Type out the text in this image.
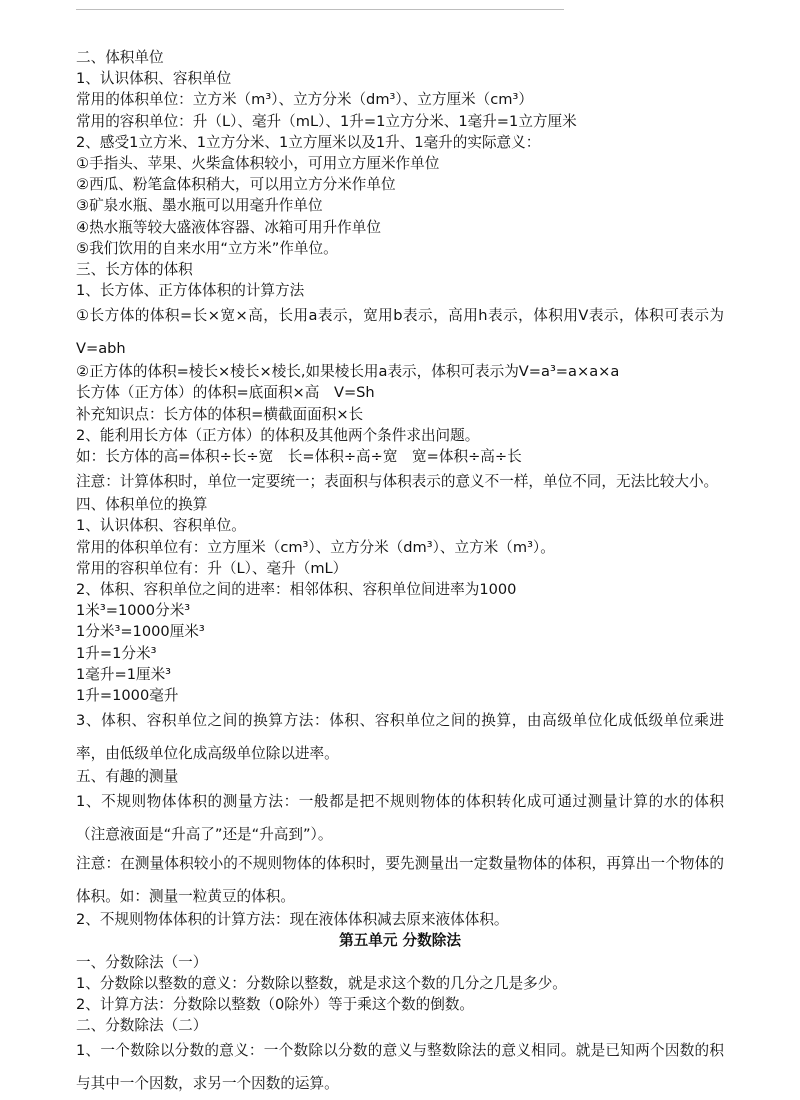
二、体积单位
1、认识体积、容积单位
常用的体积单位：立方米（m³）、立方分米（dm³）、立方厘米（cm³）
常用的容积单位：升（L）、毫升（mL）、1升=1立方分米、1毫升=1立方厘米
2、感受1立方米、1立方分米、1立方厘米以及1升、1毫升的实际意义：
①手指头、苹果、火柴盒体积较小，可用立方厘米作单位
②西瓜、粉笔盒体积稍大，可以用立方分米作单位
③矿泉水瓶、墨水瓶可以用毫升作单位
④热水瓶等较大盛液体容器、冰箱可用升作单位
⑤我们饮用的自来水用“立方米”作单位。
三、长方体的体积
1、长方体、正方体体积的计算方法
①长方体的体积=长×宽×高，长用a表示，宽用b表示，高用h表示，体积用V表示，体积可表示为V=abh
②正方体的体积=棱长×棱长×棱长,如果棱长用a表示，体积可表示为V=a³=a×a×a
长方体（正方体）的体积=底面积×高　V=Sh
补充知识点：长方体的体积=横截面面积×长
2、能利用长方体（正方体）的体积及其他两个条件求出问题。
如：长方体的高=体积÷长÷宽　长=体积÷高÷宽　宽=体积÷高÷长
注意：计算体积时，单位一定要统一；表面积与体积表示的意义不一样，单位不同，无法比较大小。
四、体积单位的换算
1、认识体积、容积单位。
常用的体积单位有：立方厘米（cm³）、立方分米（dm³）、立方米（m³）。
常用的容积单位有：升（L）、毫升（mL）
2、体积、容积单位之间的进率：相邻体积、容积单位间进率为1000
1米³=1000分米³
1分米³=1000厘米³
1升=1分米³
1毫升=1厘米³
1升=1000毫升
3、体积、容积单位之间的换算方法：体积、容积单位之间的换算，由高级单位化成低级单位乘进率，由低级单位化成高级单位除以进率。
五、有趣的测量
1、不规则物体体积的测量方法：一般都是把不规则物体的体积转化成可通过测量计算的水的体积（注意液面是“升高了”还是“升高到”）。
注意：在测量体积较小的不规则物体的体积时，要先测量出一定数量物体的体积，再算出一个物体的体积。如：测量一粒黄豆的体积。
2、不规则物体体积的计算方法：现在液体体积减去原来液体体积。
第五单元 分数除法
一、分数除法（一）
1、分数除以整数的意义：分数除以整数，就是求这个数的几分之几是多少。
2、计算方法：分数除以整数（0除外）等于乘这个数的倒数。
二、分数除法（二）
1、一个数除以分数的意义：一个数除以分数的意义与整数除法的意义相同。就是已知两个因数的积与其中一个因数，求另一个因数的运算。
